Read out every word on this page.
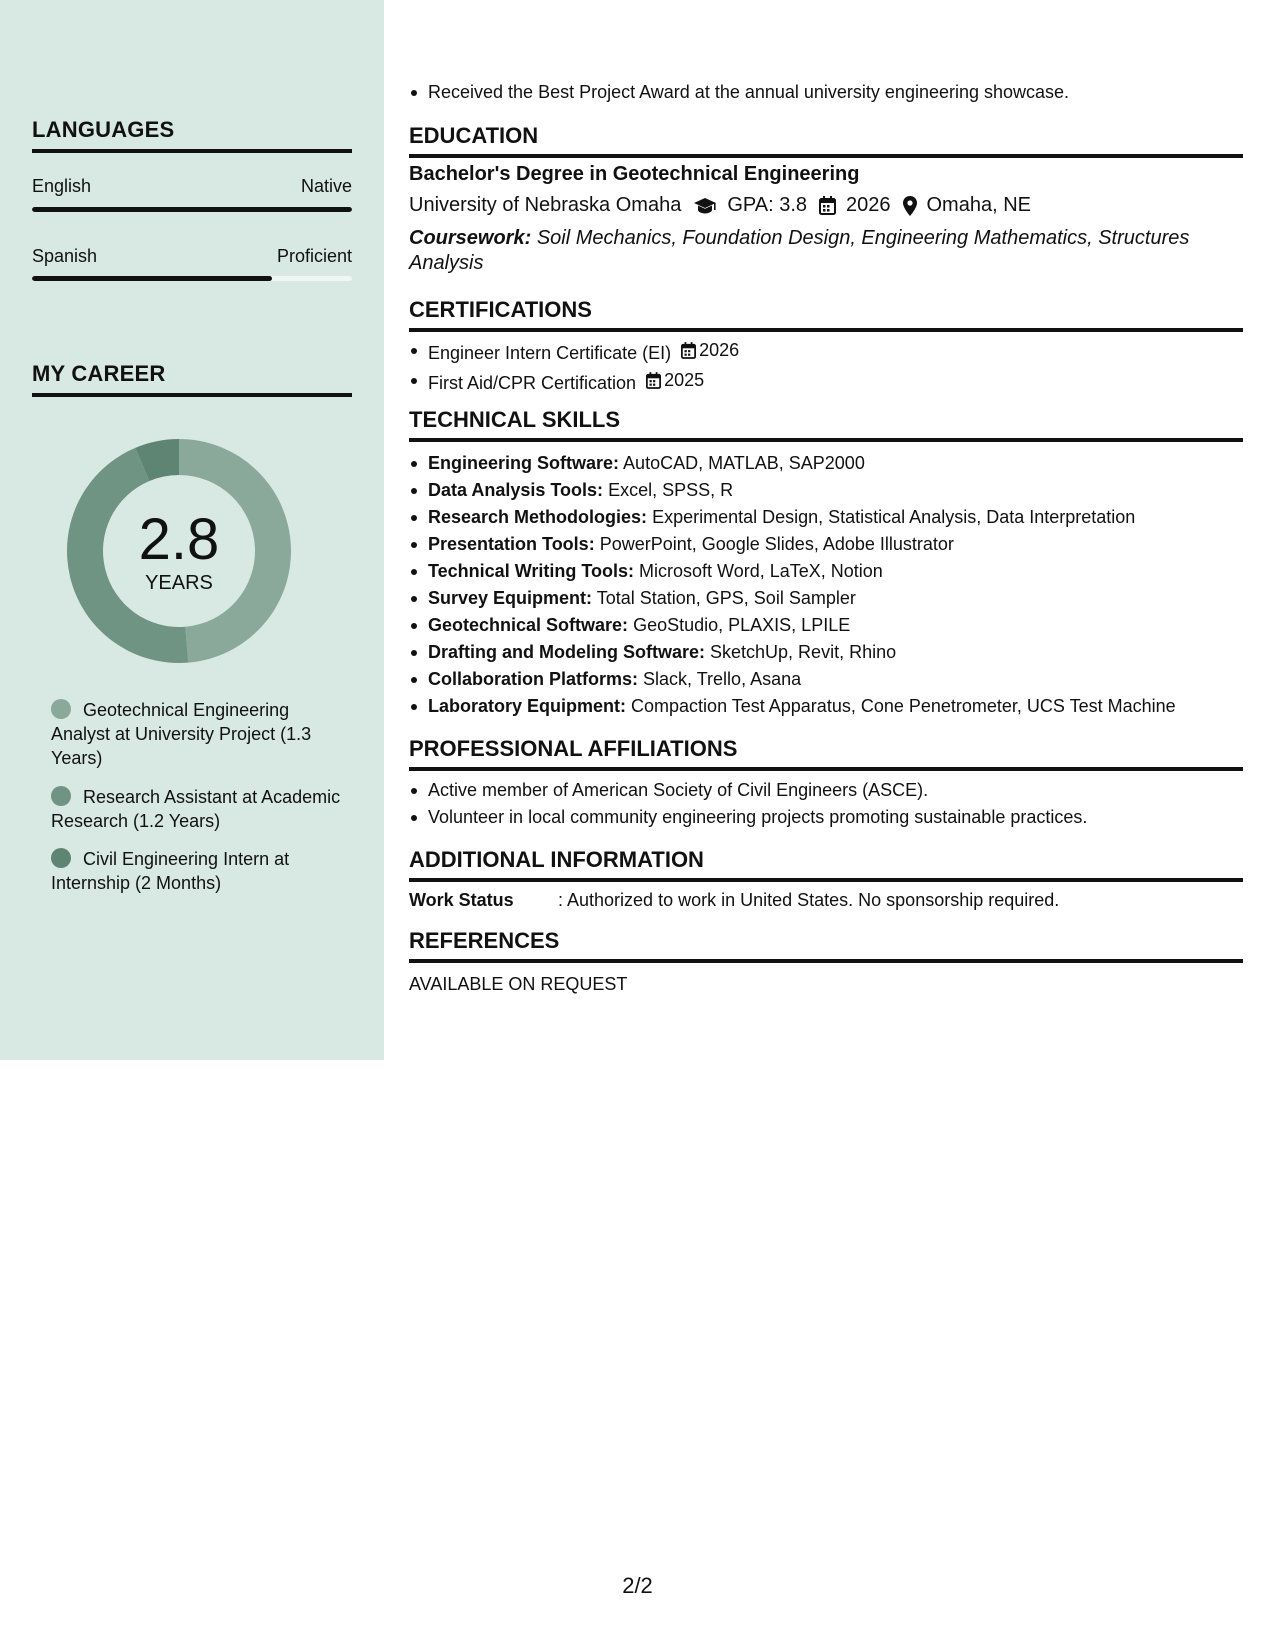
LANGUAGES
English	Native
Spanish	Proficient
MY CAREER
2.8
YEARS
Geotechnical Engineering Analyst at University Project (1.3 Years)
Research Assistant at Academic Research (1.2 Years)
Civil Engineering Intern at Internship (2 Months)
Received the Best Project Award at the annual university engineering showcase.
EDUCATION
Bachelor's Degree in Geotechnical Engineering
University of Nebraska Omaha GPA: 3.8 2026 Omaha, NE
Coursework: Soil Mechanics, Foundation Design, Engineering Mathematics, Structures Analysis
CERTIFICATIONS
Engineer Intern Certificate (EI) 2026
First Aid/CPR Certification 2025
TECHNICAL SKILLS
Engineering Software: AutoCAD, MATLAB, SAP2000
Data Analysis Tools: Excel, SPSS, R
Research Methodologies: Experimental Design, Statistical Analysis, Data Interpretation
Presentation Tools: PowerPoint, Google Slides, Adobe Illustrator
Technical Writing Tools: Microsoft Word, LaTeX, Notion
Survey Equipment: Total Station, GPS, Soil Sampler
Geotechnical Software: GeoStudio, PLAXIS, LPILE
Drafting and Modeling Software: SketchUp, Revit, Rhino
Collaboration Platforms: Slack, Trello, Asana
Laboratory Equipment: Compaction Test Apparatus, Cone Penetrometer, UCS Test Machine
PROFESSIONAL AFFILIATIONS
Active member of American Society of Civil Engineers (ASCE).
Volunteer in local community engineering projects promoting sustainable practices.
ADDITIONAL INFORMATION
Work Status	: Authorized to work in United States. No sponsorship required.
REFERENCES
AVAILABLE ON REQUEST
2/2
